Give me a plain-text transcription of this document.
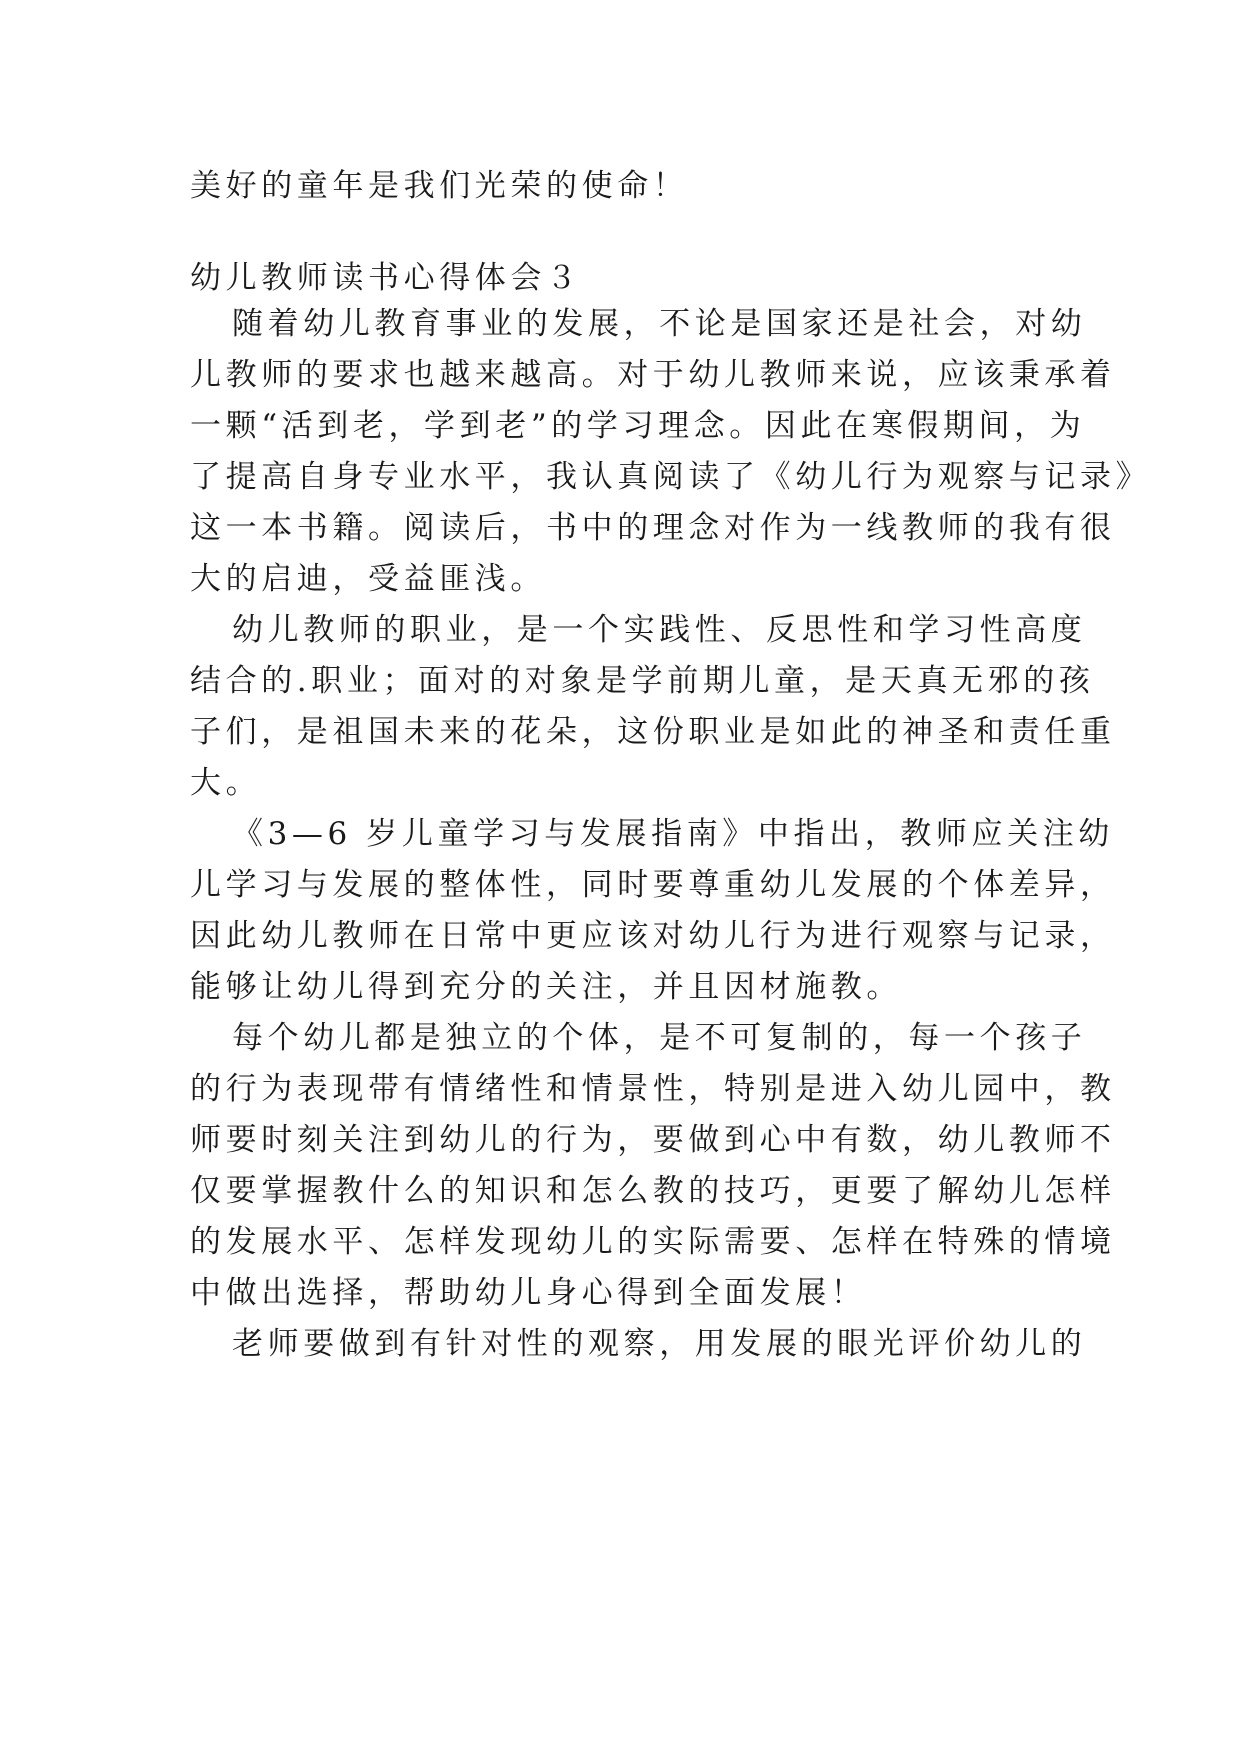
美好的童年是我们光荣的使命！
幼儿教师读书心得体会３
随着幼儿教育事业的发展，不论是国家还是社会，对幼
儿教师的要求也越来越高。对于幼儿教师来说，应该秉承着
一颗“活到老，学到老”的学习理念。因此在寒假期间，为
了提高自身专业水平，我认真阅读了《幼儿行为观察与记录》
这一本书籍。阅读后，书中的理念对作为一线教师的我有很
大的启迪，受益匪浅。
幼儿教师的职业，是一个实践性、反思性和学习性高度
结合的.职业；面对的对象是学前期儿童，是天真无邪的孩
子们，是祖国未来的花朵，这份职业是如此的神圣和责任重
大。
《3—6 岁儿童学习与发展指南》中指出，教师应关注幼
儿学习与发展的整体性，同时要尊重幼儿发展的个体差异，
因此幼儿教师在日常中更应该对幼儿行为进行观察与记录，
能够让幼儿得到充分的关注，并且因材施教。
每个幼儿都是独立的个体，是不可复制的，每一个孩子
的行为表现带有情绪性和情景性，特别是进入幼儿园中，教
师要时刻关注到幼儿的行为，要做到心中有数，幼儿教师不
仅要掌握教什么的知识和怎么教的技巧，更要了解幼儿怎样
的发展水平、怎样发现幼儿的实际需要、怎样在特殊的情境
中做出选择，帮助幼儿身心得到全面发展！
老师要做到有针对性的观察，用发展的眼光评价幼儿的
